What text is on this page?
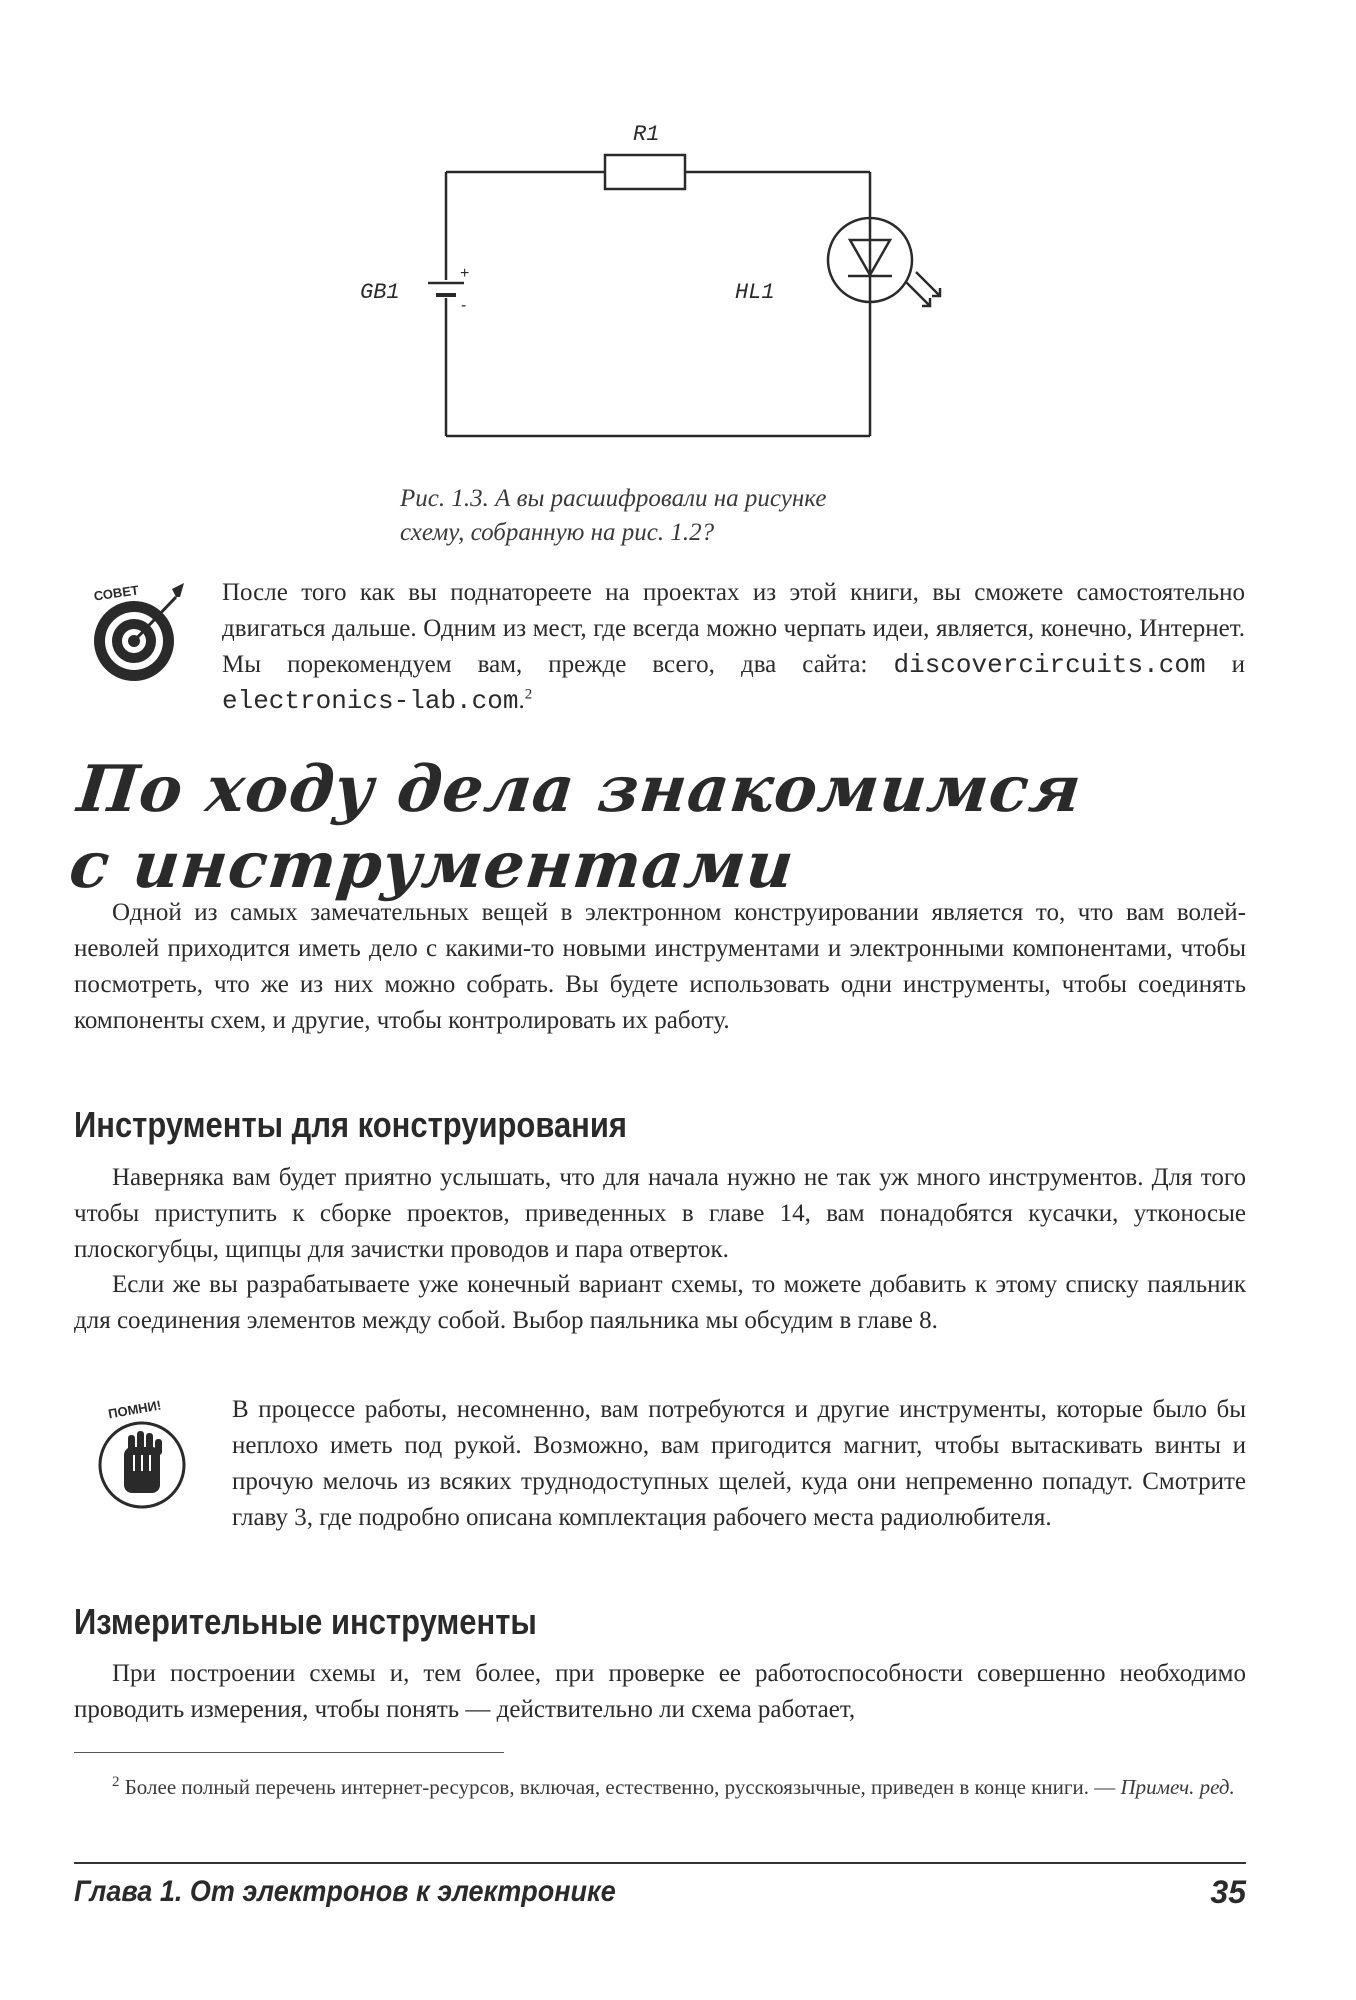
R1
GB1	HL1
+
-
Рис. 1.3. А вы расшифровали на рисунке
схему, собранную на рис. 1.2?
СОВЕТ	После того как вы поднатореете на проектах из этой книги, вы сможете самостоятельно двигаться дальше. Одним из мест, где всегда можно черпать идеи, является, конечно, Интернет. Мы порекомендуем вам, прежде всего, два сайта: discovercircuits.com и electronics-lab.com.$^2$

По ходу дела знакомимся
с инструментами

Одной из самых замечательных вещей в электронном конструировании является то, что вам волей-неволей приходится иметь дело с какими-то новыми инструментами и электронными компонентами, чтобы посмотреть, что же из них можно собрать. Вы будете использовать одни инструменты, чтобы соединять компоненты схем, и другие, чтобы контролировать их работу.

Инструменты для конструирования

Наверняка вам будет приятно услышать, что для начала нужно не так уж много инструментов. Для того чтобы приступить к сборке проектов, приведенных в главе 14, вам понадобятся кусачки, утконосые плоскогубцы, щипцы для зачистки проводов и пара отверток.

Если же вы разрабатываете уже конечный вариант схемы, то можете добавить к этому списку паяльник для соединения элементов между собой. Выбор паяльника мы обсудим в главе 8.

ПОМНИ!	В процессе работы, несомненно, вам потребуются и другие инструменты, которые было бы неплохо иметь под рукой. Возможно, вам пригодится магнит, чтобы вытаскивать винты и прочую мелочь из всяких труднодоступных щелей, куда они непременно попадут. Смотрите главу 3, где подробно описана комплектация рабочего места радиолюбителя.

Измерительные инструменты

При построении схемы и, тем более, при проверке ее работоспособности совершенно необходимо проводить измерения, чтобы понять — действительно ли схема работает,

$^2$ Более полный перечень интернет-ресурсов, включая, естественно, русскоязычные, приведен в конце книги. — Примеч. ред.

Глава 1. От электронов к электронике	35
